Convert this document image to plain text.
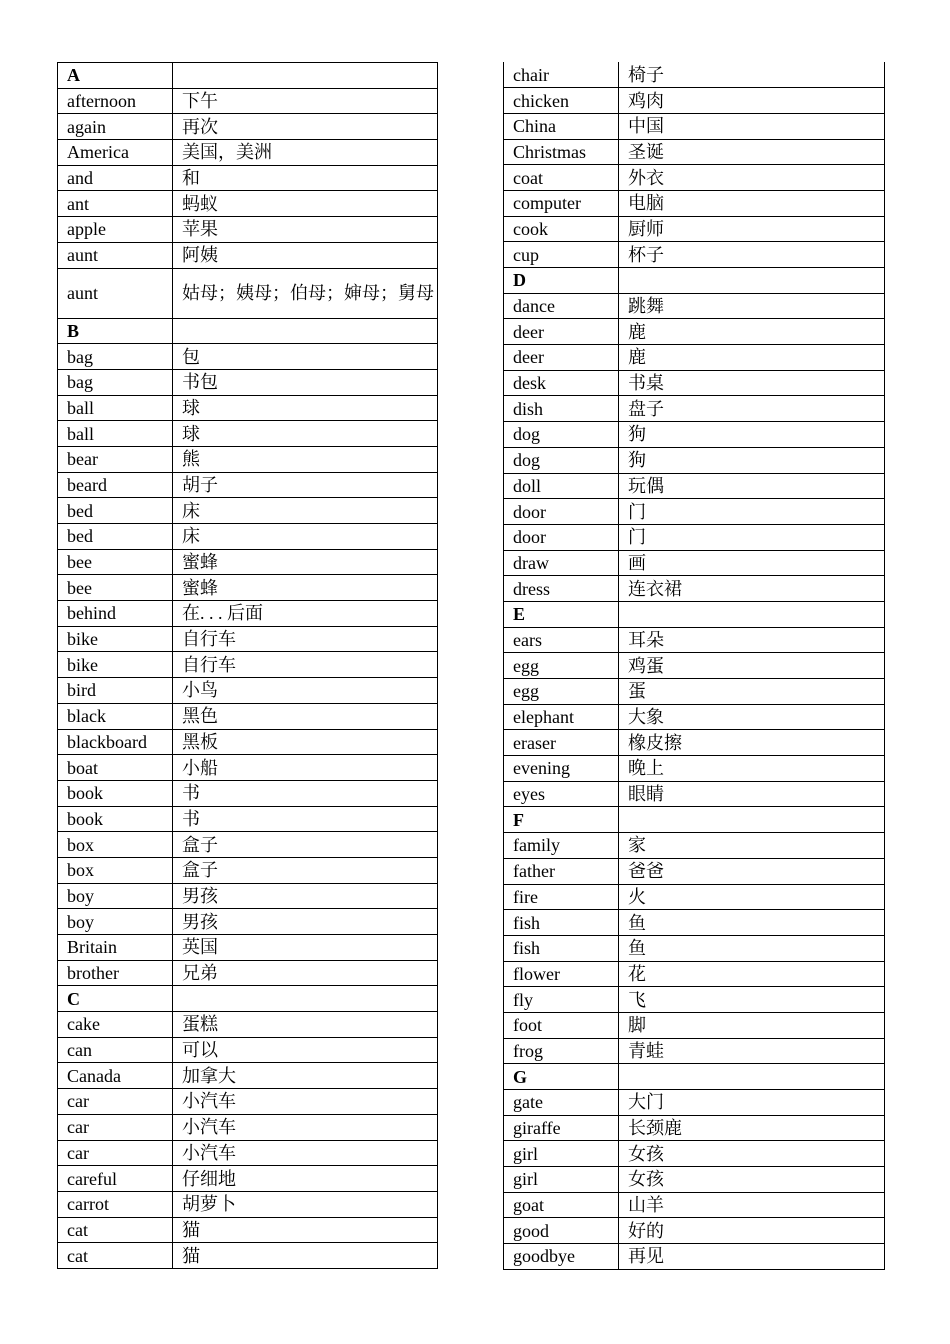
A	
afternoon	下午
again	再次
America	美国，美洲
and	和
ant	蚂蚁
apple	苹果
aunt	阿姨
aunt	姑母；姨母；伯母；婶母；舅母
B	
bag	包
bag	书包
ball	球
ball	球
bear	熊
beard	胡子
bed	床
bed	床
bee	蜜蜂
bee	蜜蜂
behind	在. . . 后面
bike	自行车
bike	自行车
bird	小鸟
black	黑色
blackboard	黑板
boat	小船
book	书
book	书
box	盒子
box	盒子
boy	男孩
boy	男孩
Britain	英国
brother	兄弟
C	
cake	蛋糕
can	可以
Canada	加拿大
car	小汽车
car	小汽车
car	小汽车
careful	仔细地
carrot	胡萝卜
cat	猫
cat	猫
chair	椅子
chicken	鸡肉
China	中国
Christmas	圣诞
coat	外衣
computer	电脑
cook	厨师
cup	杯子
D	
dance	跳舞
deer	鹿
deer	鹿
desk	书桌
dish	盘子
dog	狗
dog	狗
doll	玩偶
door	门
door	门
draw	画
dress	连衣裙
E	
ears	耳朵
egg	鸡蛋
egg	蛋
elephant	大象
eraser	橡皮擦
evening	晚上
eyes	眼睛
F	
family	家
father	爸爸
fire	火
fish	鱼
fish	鱼
flower	花
fly	飞
foot	脚
frog	青蛙
G	
gate	大门
giraffe	长颈鹿
girl	女孩
girl	女孩
goat	山羊
good	好的
goodbye	再见
